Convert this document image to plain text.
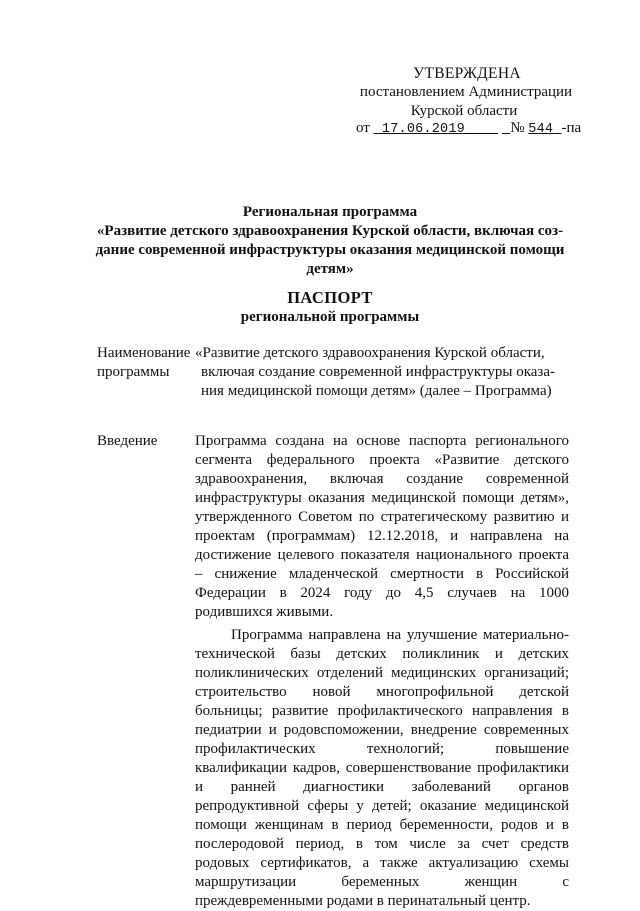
УТВЕРЖДЕНА
постановлением Администрации
Курской области
от 17.06.2019	№ 544 -па
Региональная программа
«Развитие детского здравоохранения Курской области, включая соз-
дание современной инфраструктуры оказания медицинской помощи
детям»
ПАСПОРТ
региональной программы
Наименование
программы
«Развитие детского здравоохранения Курской области,
включая создание современной инфраструктуры оказа-
ния медицинской помощи детям» (далее – Программа)
Введение	Программа создана на основе паспорта регионального сегмента федерального проекта «Развитие детского здравоохранения, включая создание современной инфраструктуры оказания медицинской помощи детям», утвержденного Советом по стратегическому развитию и проектам (программам) 12.12.2018, и направлена на достижение целевого показателя национального проекта – снижение младенческой смертности в Российской Федерации в 2024 году до 4,5 случаев на 1000 родившихся живыми.

Программа направлена на улучшение материально-технической базы детских поликлиник и детских поликлинических отделений медицинских организаций; строительство новой многопрофильной детской больницы; развитие профилактического направления в педиатрии и родовспоможении, внедрение современных профилактических технологий; повышение квалификации кадров, совершенствование профилактики и ранней диагностики заболеваний органов репродуктивной сферы у детей; оказание медицинской помощи женщинам в период беременности, родов и в послеродовой период, в том числе за счет средств родовых сертификатов, а также актуализацию схемы маршрутизации беременных женщин с преждевременными родами в перинатальный центр.
